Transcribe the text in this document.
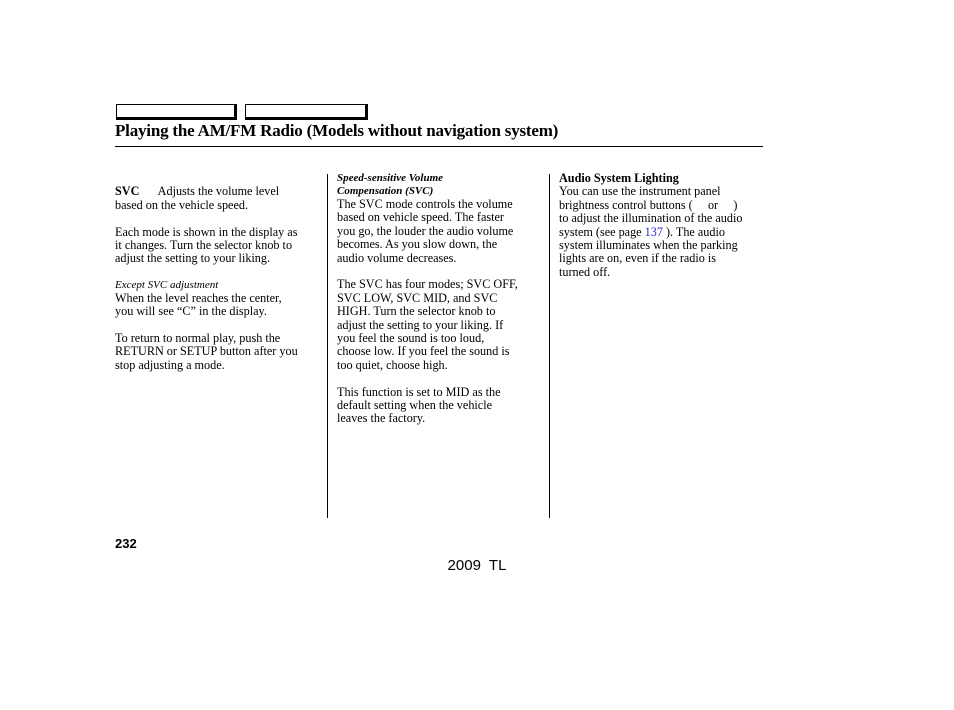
Playing the AM/FM Radio (Models without navigation system)

SVC Adjusts the volume level
based on the vehicle speed.

Each mode is shown in the display as
it changes. Turn the selector knob to
adjust the setting to your liking.

Except SVC adjustment

When the level reaches the center,
you will see “C” in the display.

To return to normal play, push the
RETURN or SETUP button after you
stop adjusting a mode.

Speed-sensitive Volume
Compensation (SVC)

The SVC mode controls the volume
based on vehicle speed. The faster
you go, the louder the audio volume
becomes. As you slow down, the
audio volume decreases.

The SVC has four modes; SVC OFF,
SVC LOW, SVC MID, and SVC
HIGH. Turn the selector knob to
adjust the setting to your liking. If
you feel the sound is too loud,
choose low. If you feel the sound is
too quiet, choose high.

This function is set to MID as the
default setting when the vehicle
leaves the factory.

Audio System Lighting

You can use the instrument panel
brightness control buttons (     or     )
to adjust the illumination of the audio
system (see page 137 ). The audio
system illuminates when the parking
lights are on, even if the radio is
turned off.

232
2009 TL
